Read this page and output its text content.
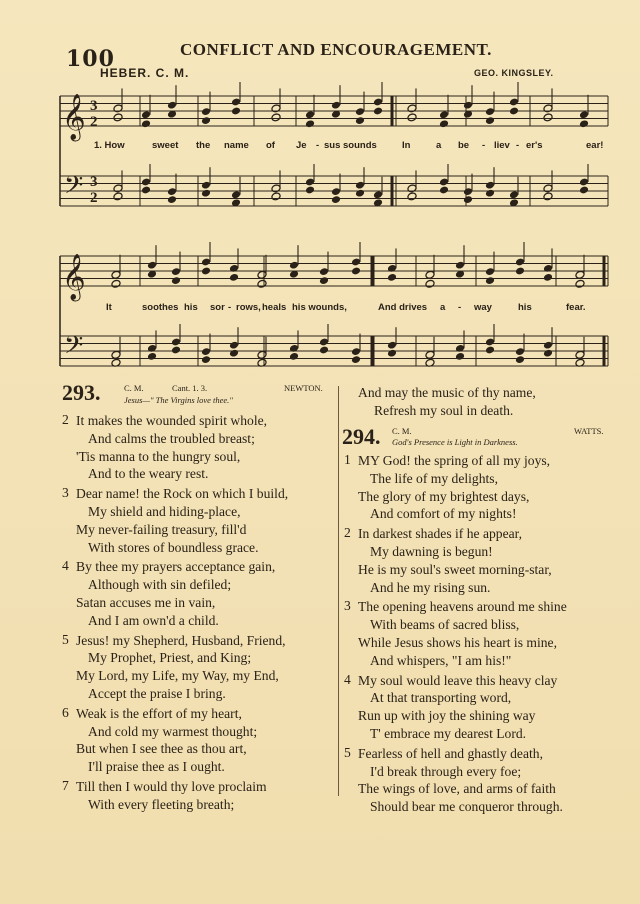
100	CONFLICT AND ENCOURAGEMENT.
HEBER. C. M.	GEO. KINGSLEY.
𝄞
𝄢
𝄞
𝄢
3
2
3
2
1. How	sweet the name of Je - sus sounds	In	a be - liev - er's	ear!
It	soothes his sor - rows, heals his wounds,	And drives a - way	his	fear.
293.	C. M.	Cant. 1. 3.	NEWTON.
Jesus—" The Virgins love thee."
2 It makes the wounded spirit whole,
And calms the troubled breast;
'Tis manna to the hungry soul,
And to the weary rest.
3 Dear name! the Rock on which I build,
My shield and hiding-place,
My never-failing treasury, fill'd
With stores of boundless grace.
4 By thee my prayers acceptance gain,
Although with sin defiled;
Satan accuses me in vain,
And I am own'd a child.
5 Jesus! my Shepherd, Husband, Friend,
My Prophet, Priest, and King;
My Lord, my Life, my Way, my End,
Accept the praise I bring.
6 Weak is the effort of my heart,
And cold my warmest thought;
But when I see thee as thou art,
I'll praise thee as I ought.
7 Till then I would thy love proclaim
With every fleeting breath;
And may the music of thy name,
Refresh my soul in death.
294. C. M.	WATTS.
God's Presence is Light in Darkness.
1 MY God! the spring of all my joys,
The life of my delights,
The glory of my brightest days,
And comfort of my nights!
2 In darkest shades if he appear,
My dawning is begun!
He is my soul's sweet morning-star,
And he my rising sun.
3 The opening heavens around me shine
With beams of sacred bliss,
While Jesus shows his heart is mine,
And whispers, "I am his!"
4 My soul would leave this heavy clay
At that transporting word,
Run up with joy the shining way
T' embrace my dearest Lord.
5 Fearless of hell and ghastly death,
I'd break through every foe;
The wings of love, and arms of faith
Should bear me conqueror through.
